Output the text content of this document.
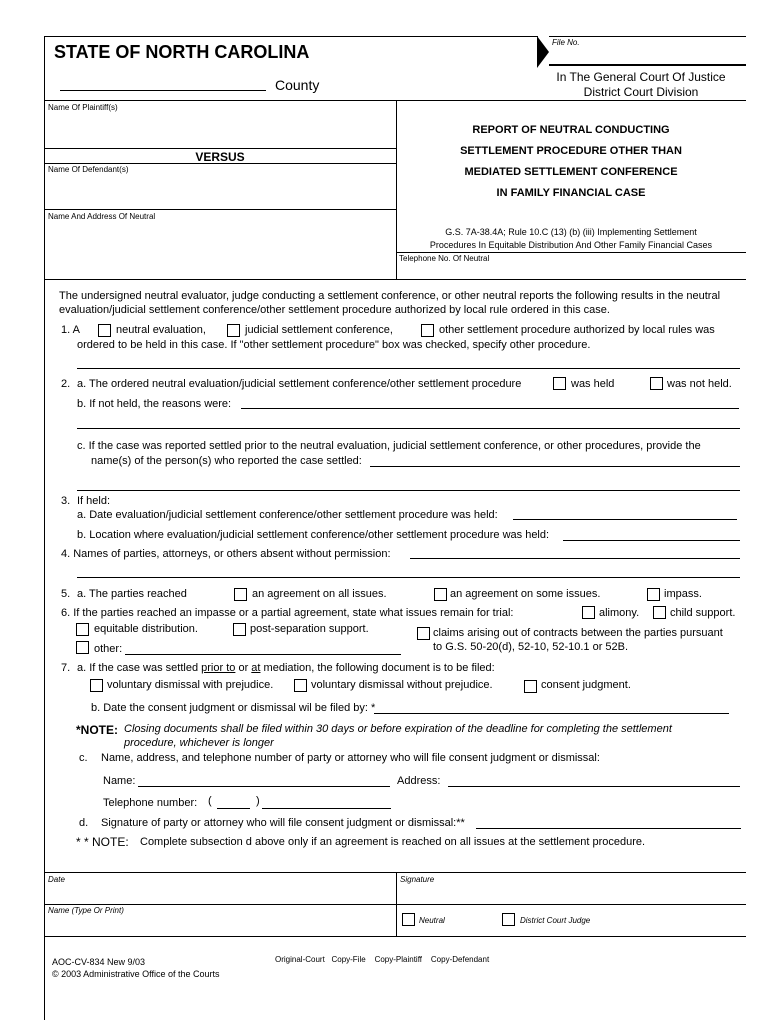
File No.
STATE OF NORTH CAROLINA
County	In The General Court Of Justice
District Court Division
Name Of Plaintiff(s)
VERSUS
Name Of Defendant(s)
Name And Address Of Neutral
REPORT OF NEUTRAL CONDUCTING
SETTLEMENT PROCEDURE OTHER THAN
MEDIATED SETTLEMENT CONFERENCE
IN FAMILY FINANCIAL CASE
G.S. 7A-38.4A; Rule 10.C (13) (b) (iii) Implementing Settlement
Procedures In Equitable Distribution And Other Family Financial Cases
Telephone No. Of Neutral
The undersigned neutral evaluator, judge conducting a settlement conference, or other neutral reports the following results in the neutral
evaluation/judicial settlement conference/other settlement procedure authorized by local rule ordered in this case.
1. A	neutral evaluation,	judicial settlement conference,	other settlement procedure authorized by local rules was
ordered to be held in this case. If "other settlement procedure" box was checked, specify other procedure.
2. a. The ordered neutral evaluation/judicial settlement conference/other settlement procedure	was held	was not held.
b. If not held, the reasons were:
c. If the case was reported settled prior to the neutral evaluation, judicial settlement conference, or other procedures, provide the
name(s) of the person(s) who reported the case settled:
3. If held:
a. Date evaluation/judicial settlement conference/other settlement procedure was held:
b. Location where evaluation/judicial settlement conference/other settlement procedure was held:
4. Names of parties, attorneys, or others absent without permission:
5. a. The parties reached	an agreement on all issues.	an agreement on some issues.	impass.
6. If the parties reached an impasse or a partial agreement, state what issues remain for trial:	alimony.	child support.
equitable distribution.	post-separation support.	claims arising out of contracts between the parties pursuant
to G.S. 50-20(d), 52-10, 52-10.1 or 52B.
other:
7. a. If the case was settled prior to or at mediation, the following document is to be filed:
voluntary dismissal with prejudice.	voluntary dismissal without prejudice.	consent judgment.
b. Date the consent judgment or dismissal wil be filed by: *
*NOTE: Closing documents shall be filed within 30 days or before expiration of the deadline for completing the settlement
procedure, whichever is longer
c. Name, address, and telephone number of party or attorney who will file consent judgment or dismissal:
Name:	Address:
Telephone number: (	)
d. Signature of party or attorney who will file consent judgment or dismissal:**
* * NOTE: Complete subsection d above only if an agreement is reached on all issues at the settlement procedure.
Date	Signature
Name (Type Or Print)
Neutral	District Court Judge
AOC-CV-834 New 9/03
© 2003 Administrative Office of the Courts
Original-Court   Copy-File    Copy-Plaintiff    Copy-Defendant
